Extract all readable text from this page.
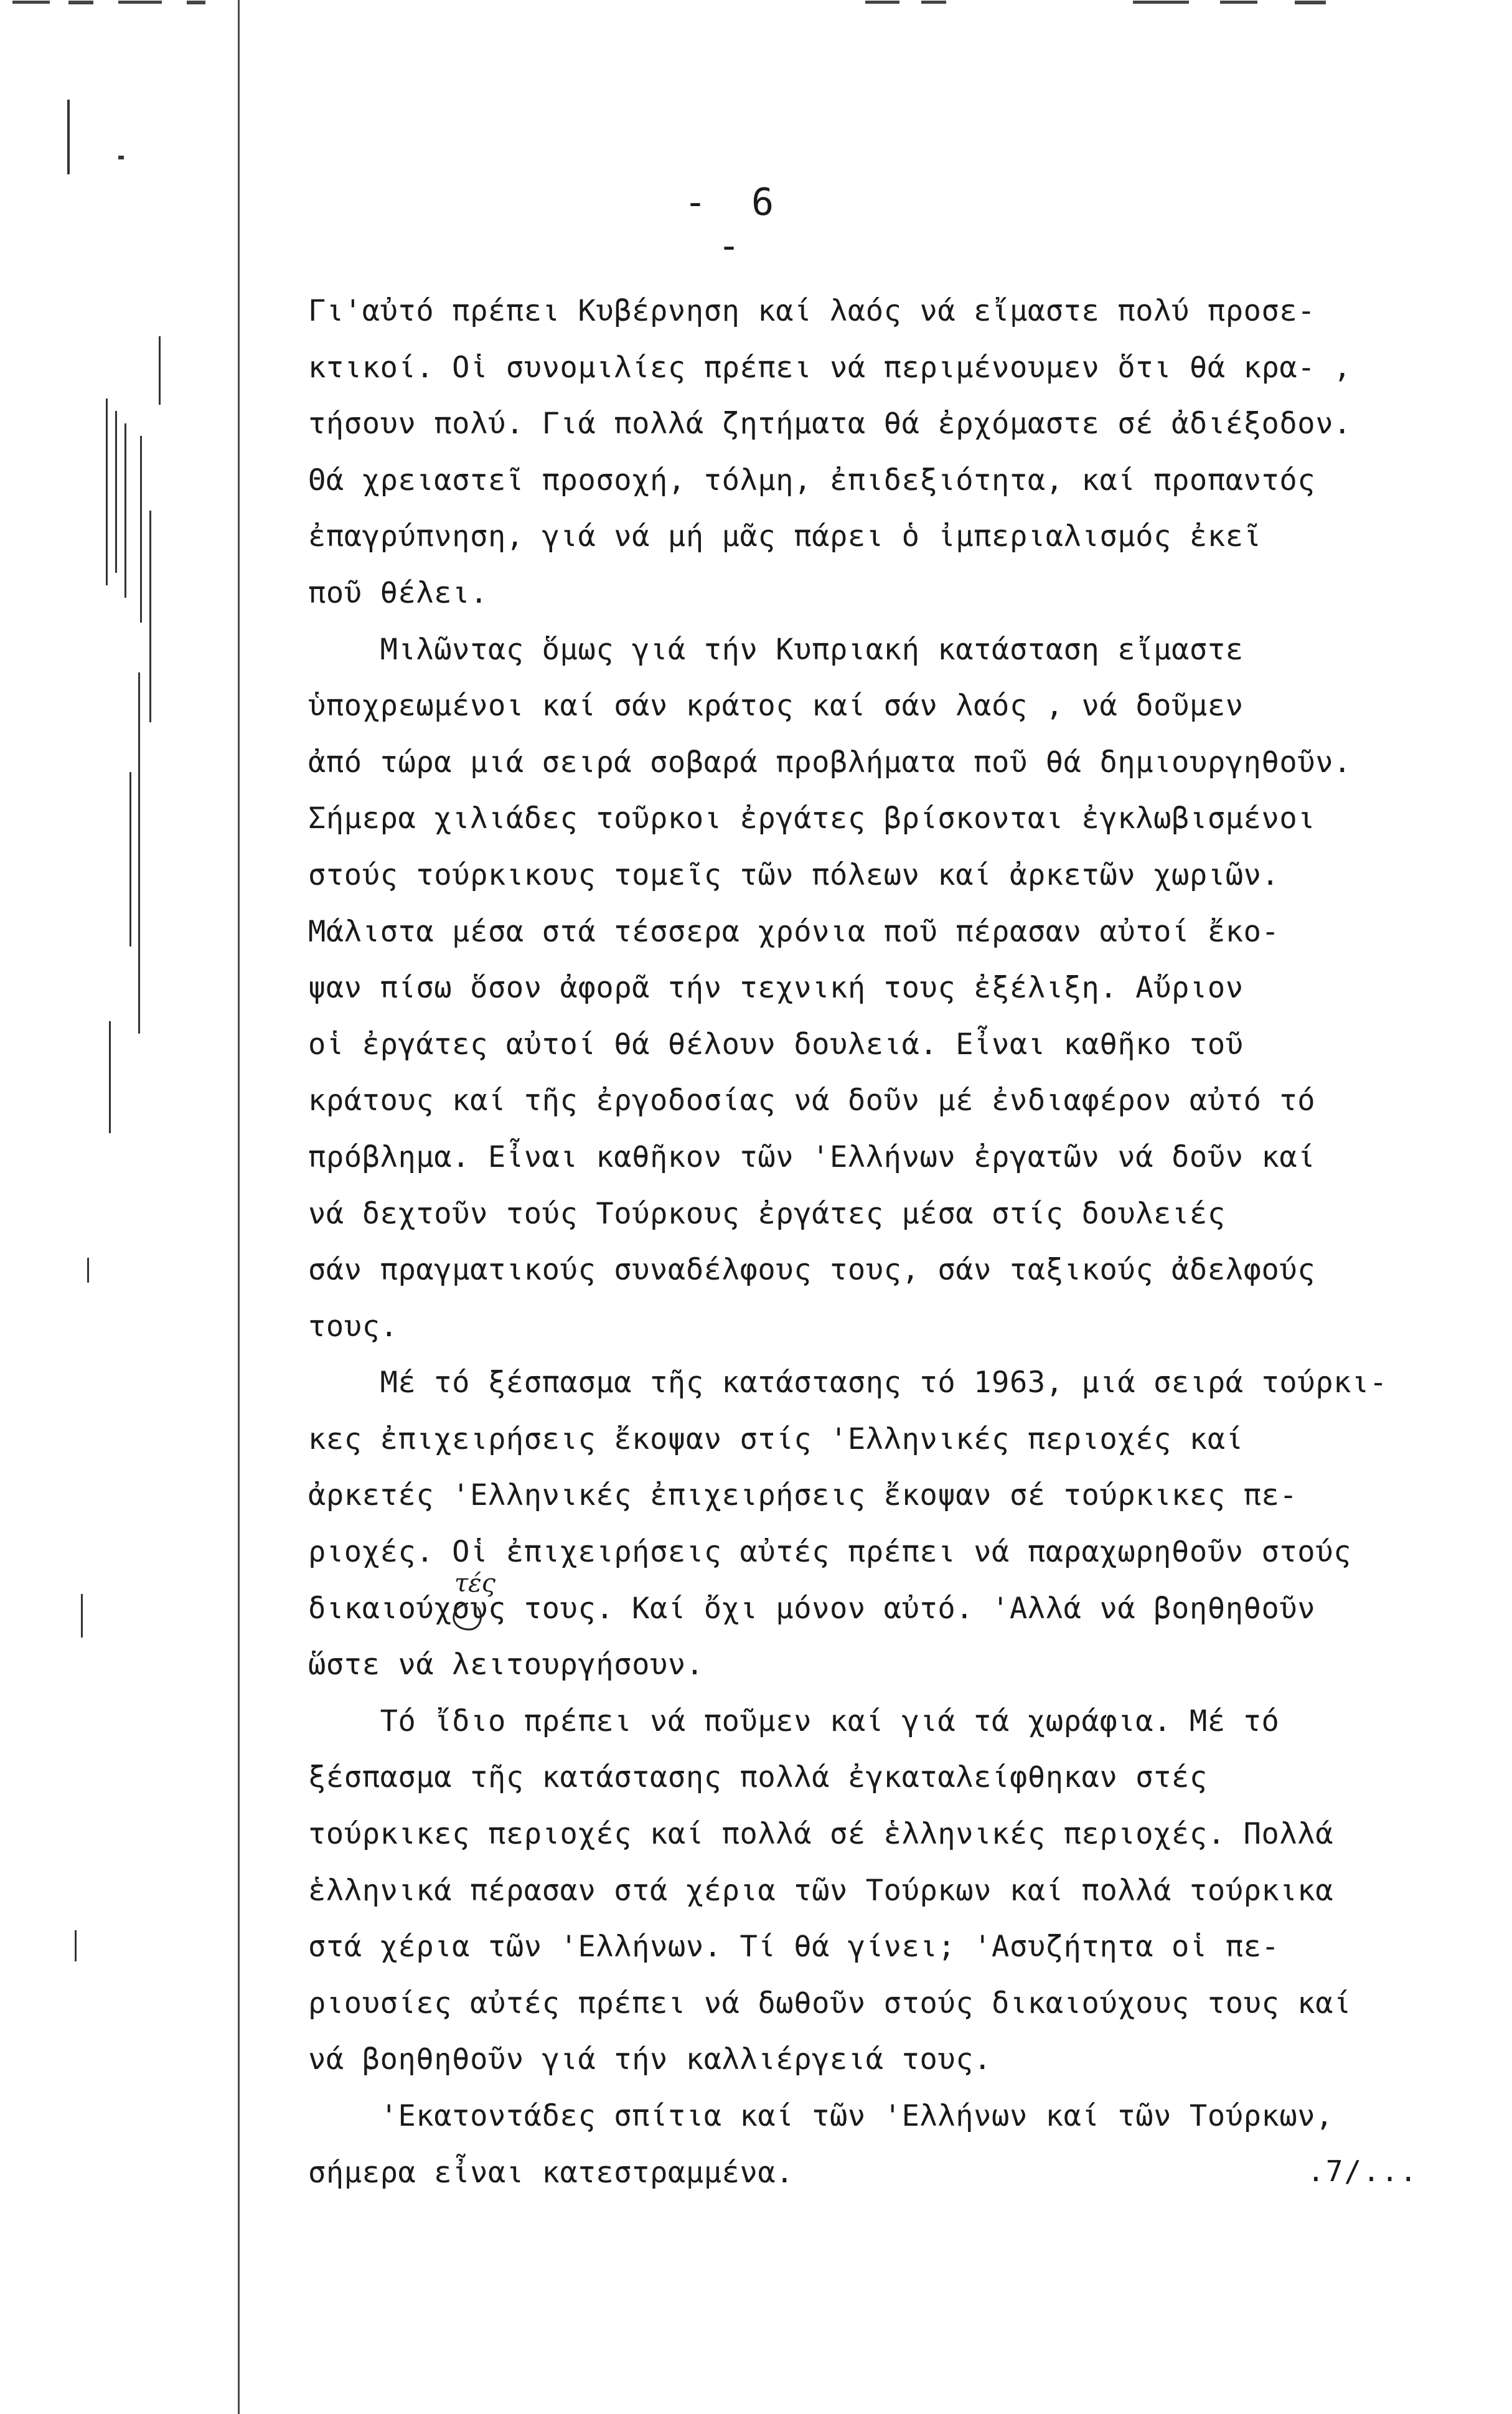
- 6 -
Γι'αὐτό πρέπει Κυβέρνηση καί λαός νά εἴμαστε πολύ προσε-
κτικοί. Οἱ συνομιλίες πρέπει νά περιμένουμεν ὅτι θά κρα- ,
τήσουν πολύ. Γιά πολλά ζητήματα θά ἐρχόμαστε σέ ἀδιέξοδον.
Θά χρειαστεῖ προσοχή, τόλμη, ἐπιδεξιότητα, καί προπαντός
ἐπαγρύπνηση, γιά νά μή μᾶς πάρει ὁ ἰμπεριαλισμός ἐκεῖ
ποῦ θέλει.
Μιλῶντας ὅμως γιά τήν Κυπριακή κατάσταση εἴμαστε
ὑποχρεωμένοι καί σάν κράτος καί σάν λαός , νά δοῦμεν
ἀπό τώρα μιά σειρά σοβαρά προβλήματα ποῦ θά δημιουργηθοῦν.
Σήμερα χιλιάδες τοῦρκοι ἐργάτες βρίσκονται ἐγκλωβισμένοι
στούς τούρκικους τομεῖς τῶν πόλεων καί ἀρκετῶν χωριῶν.
Μάλιστα μέσα στά τέσσερα χρόνια ποῦ πέρασαν αὐτοί ἔκο-
ψαν πίσω ὅσον ἀφορᾶ τήν τεχνική τους ἐξέλιξη. Αὔριον
οἱ ἐργάτες αὐτοί θά θέλουν δουλειά. Εἶναι καθῆκο τοῦ
κράτους καί τῆς ἐργοδοσίας νά δοῦν μέ ἐνδιαφέρον αὐτό τό
πρόβλημα. Εἶναι καθῆκον τῶν 'Ελλήνων ἐργατῶν νά δοῦν καί
νά δεχτοῦν τούς Τούρκους ἐργάτες μέσα στίς δουλειές
σάν πραγματικούς συναδέλφους τους, σάν ταξικούς ἀδελφούς
τους.
Μέ τό ξέσπασμα τῆς κατάστασης τό 1963, μιά σειρά τούρκι-
κες ἐπιχειρήσεις ἔκοψαν στίς 'Ελληνικές περιοχές καί
ἀρκετές 'Ελληνικές ἐπιχειρήσεις ἔκοψαν σέ τούρκικες πε-
ριοχές. Οἱ ἐπιχειρήσεις αὐτές πρέπει νά παραχωρηθοῦν στούς
δικαιούχους τους. Καί ὄχι μόνον αὐτό. 'Αλλά νά βοηθηθοῦν
ὥστε νά λειτουργήσουν.
Τό ἴδιο πρέπει νά ποῦμεν καί γιά τά χωράφια. Μέ τό
ξέσπασμα τῆς κατάστασης πολλά ἐγκαταλείφθηκαν στές
τούρκικες περιοχές καί πολλά σέ ἑλληνικές περιοχές. Πολλά
ἑλληνικά πέρασαν στά χέρια τῶν Τούρκων καί πολλά τούρκικα
στά χέρια τῶν 'Ελλήνων. Τί θά γίνει; 'Ασυζήτητα οἱ πε-
ριουσίες αὐτές πρέπει νά δωθοῦν στούς δικαιούχους τους καί
νά βοηθηθοῦν γιά τήν καλλιέργειά τους.
'Εκατοντάδες σπίτια καί τῶν 'Ελλήνων καί τῶν Τούρκων,
σήμερα εἶναι κατεστραμμένα.
τές
.7/...
